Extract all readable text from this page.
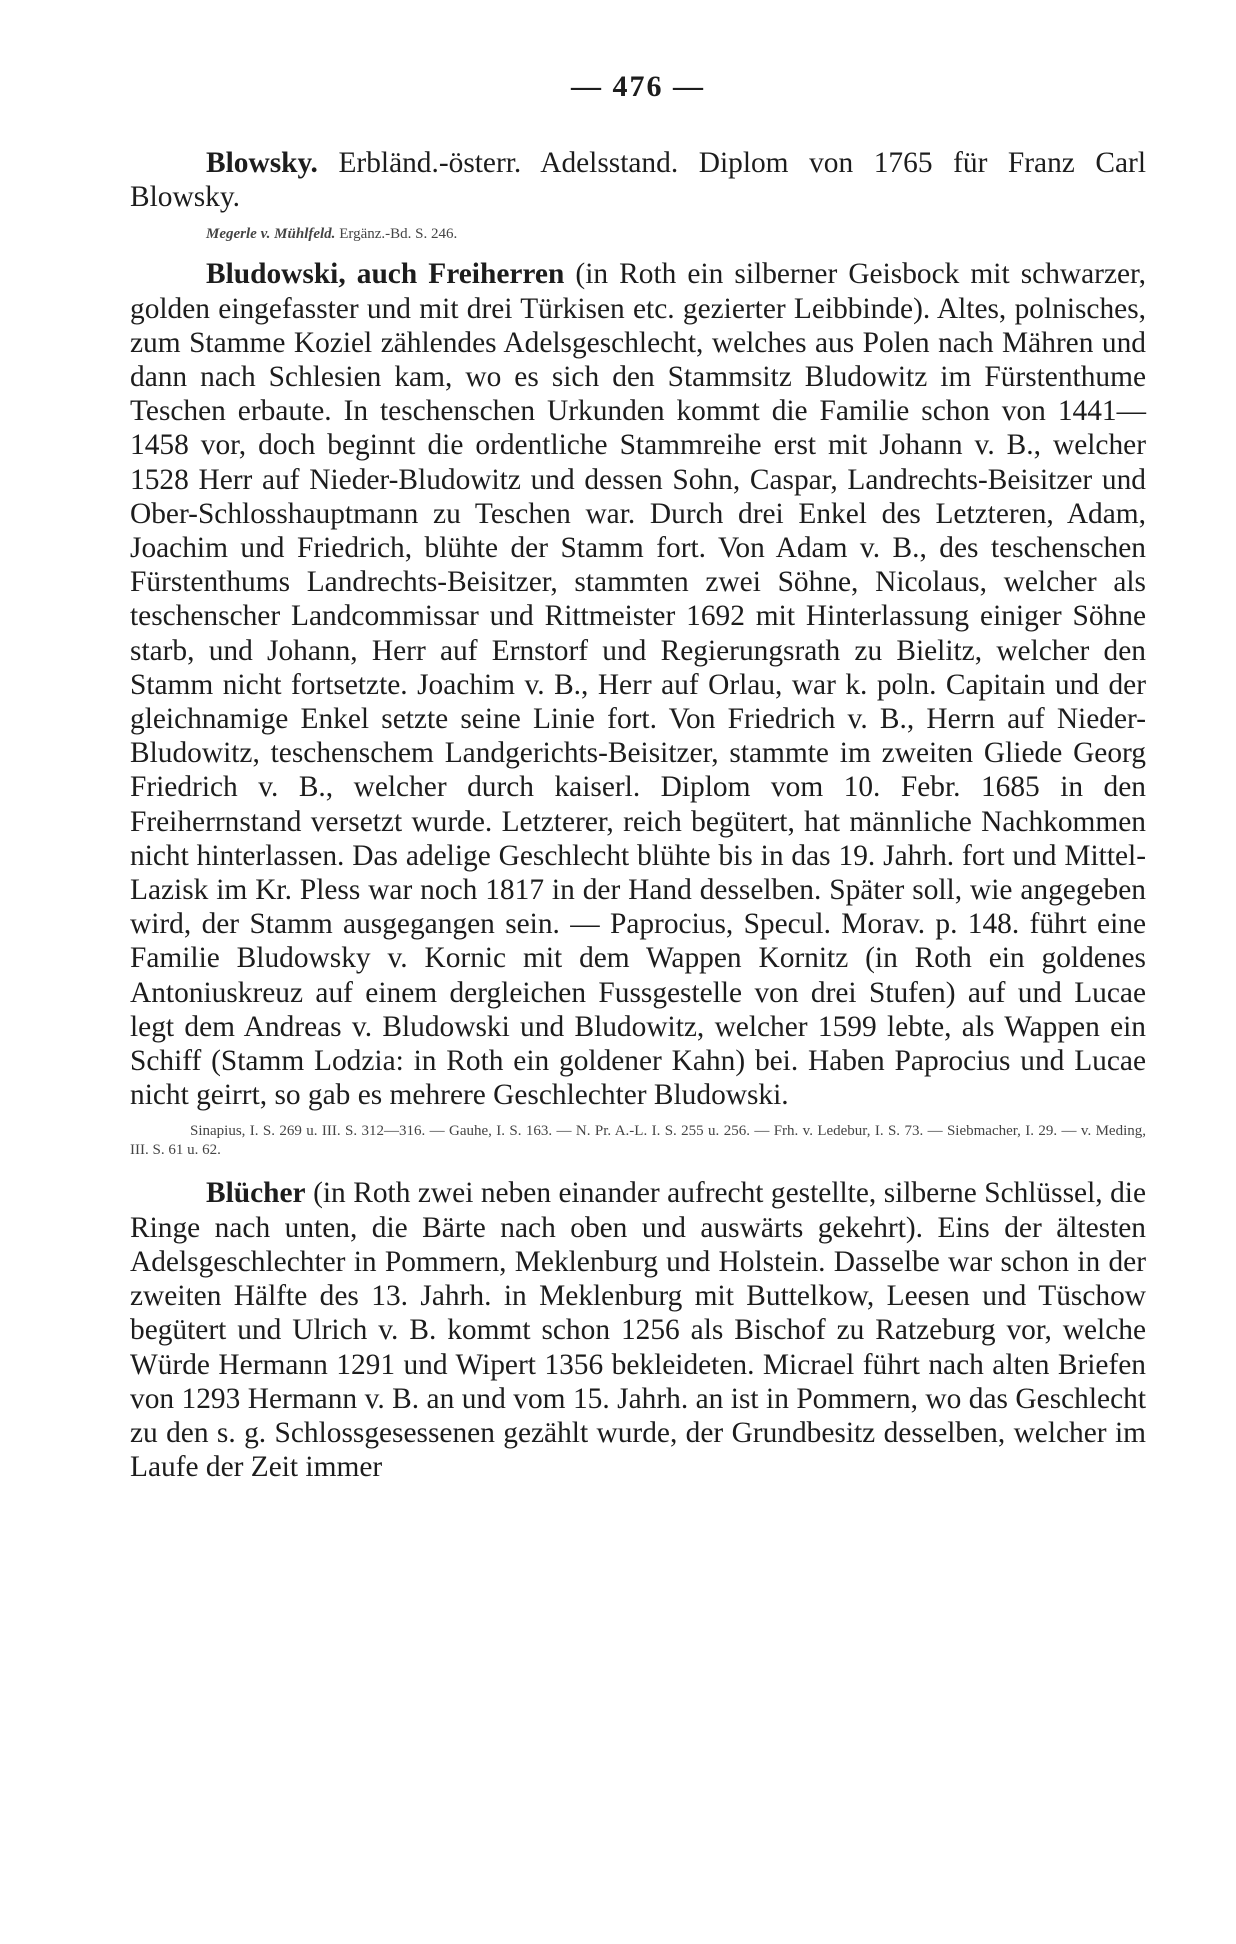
— 476 —

Blowsky. Erbländ.-österr. Adelsstand. Diplom von 1765 für Franz Carl Blowsky.

Megerle v. Mühlfeld. Ergänz.-Bd. S. 246.

Bludowski, auch Freiherren (in Roth ein silberner Geisbock mit schwarzer, golden eingefasster und mit drei Türkisen etc. gezierter Leibbinde). Altes, polnisches, zum Stamme Koziel zählendes Adelsgeschlecht, welches aus Polen nach Mähren und dann nach Schlesien kam, wo es sich den Stammsitz Bludowitz im Fürstenthume Teschen erbaute. In teschenschen Urkunden kommt die Familie schon von 1441—1458 vor, doch beginnt die ordentliche Stammreihe erst mit Johann v. B., welcher 1528 Herr auf Nieder-Bludowitz und dessen Sohn, Caspar, Landrechts-Beisitzer und Ober-Schlosshauptmann zu Teschen war. Durch drei Enkel des Letzteren, Adam, Joachim und Friedrich, blühte der Stamm fort. Von Adam v. B., des teschenschen Fürstenthums Landrechts-Beisitzer, stammten zwei Söhne, Nicolaus, welcher als teschenscher Landcommissar und Rittmeister 1692 mit Hinterlassung einiger Söhne starb, und Johann, Herr auf Ernstorf und Regierungsrath zu Bielitz, welcher den Stamm nicht fortsetzte. Joachim v. B., Herr auf Orlau, war k. poln. Capitain und der gleichnamige Enkel setzte seine Linie fort. Von Friedrich v. B., Herrn auf Nieder-Bludowitz, teschenschem Landgerichts-Beisitzer, stammte im zweiten Gliede Georg Friedrich v. B., welcher durch kaiserl. Diplom vom 10. Febr. 1685 in den Freiherrnstand versetzt wurde. Letzterer, reich begütert, hat männliche Nachkommen nicht hinterlassen. Das adelige Geschlecht blühte bis in das 19. Jahrh. fort und Mittel-Lazisk im Kr. Pless war noch 1817 in der Hand desselben. Später soll, wie angegeben wird, der Stamm ausgegangen sein. — Paprocius, Specul. Morav. p. 148. führt eine Familie Bludowsky v. Kornic mit dem Wappen Kornitz (in Roth ein goldenes Antoniuskreuz auf einem dergleichen Fussgestelle von drei Stufen) auf und Lucae legt dem Andreas v. Bludowski und Bludowitz, welcher 1599 lebte, als Wappen ein Schiff (Stamm Lodzia: in Roth ein goldener Kahn) bei. Haben Paprocius und Lucae nicht geirrt, so gab es mehrere Geschlechter Bludowski.

Sinapius, I. S. 269 u. III. S. 312—316. — Gauhe, I. S. 163. — N. Pr. A.-L. I. S. 255 u. 256. — Frh. v. Ledebur, I. S. 73. — Siebmacher, I. 29. — v. Meding, III. S. 61 u. 62.

Blücher (in Roth zwei neben einander aufrecht gestellte, silberne Schlüssel, die Ringe nach unten, die Bärte nach oben und auswärts gekehrt). Eins der ältesten Adelsgeschlechter in Pommern, Meklenburg und Holstein. Dasselbe war schon in der zweiten Hälfte des 13. Jahrh. in Meklenburg mit Buttelkow, Leesen und Tüschow begütert und Ulrich v. B. kommt schon 1256 als Bischof zu Ratzeburg vor, welche Würde Hermann 1291 und Wipert 1356 bekleideten. Micrael führt nach alten Briefen von 1293 Hermann v. B. an und vom 15. Jahrh. an ist in Pommern, wo das Geschlecht zu den s. g. Schlossgesessenen gezählt wurde, der Grundbesitz desselben, welcher im Laufe der Zeit immer
